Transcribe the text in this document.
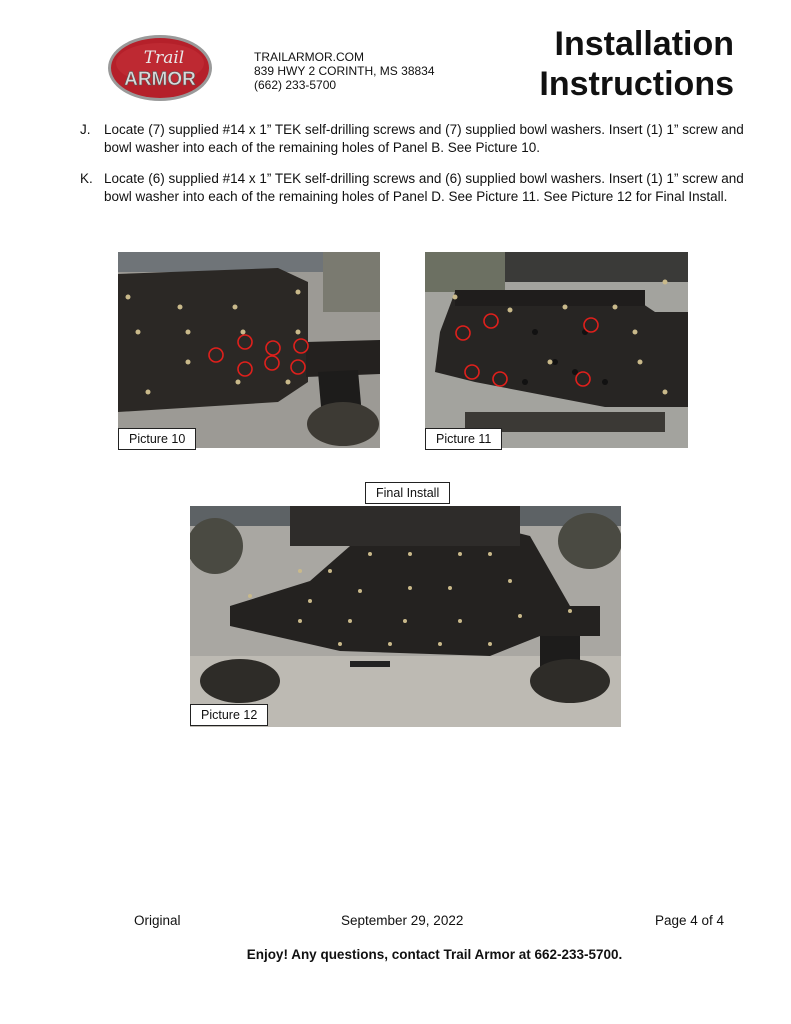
Trail
ARMOR
TRAILARMOR.COM
839 HWY 2 CORINTH, MS 38834
(662) 233-5700
Installation
Instructions
J. Locate (7) supplied #14 x 1” TEK self-drilling screws and (7) supplied bowl washers. Insert (1) 1” screw and bowl washer into each of the remaining holes of Panel B. See Picture 10.
K. Locate (6) supplied #14 x 1” TEK self-drilling screws and (6) supplied bowl washers. Insert (1) 1” screw and bowl washer into each of the remaining holes of Panel D. See Picture 11. See Picture 12 for Final Install.
Picture 10	Picture 11
Final Install
Picture 12
Original	September 29, 2022	Page 4 of 4
Enjoy! Any questions, contact Trail Armor at 662-233-5700.
